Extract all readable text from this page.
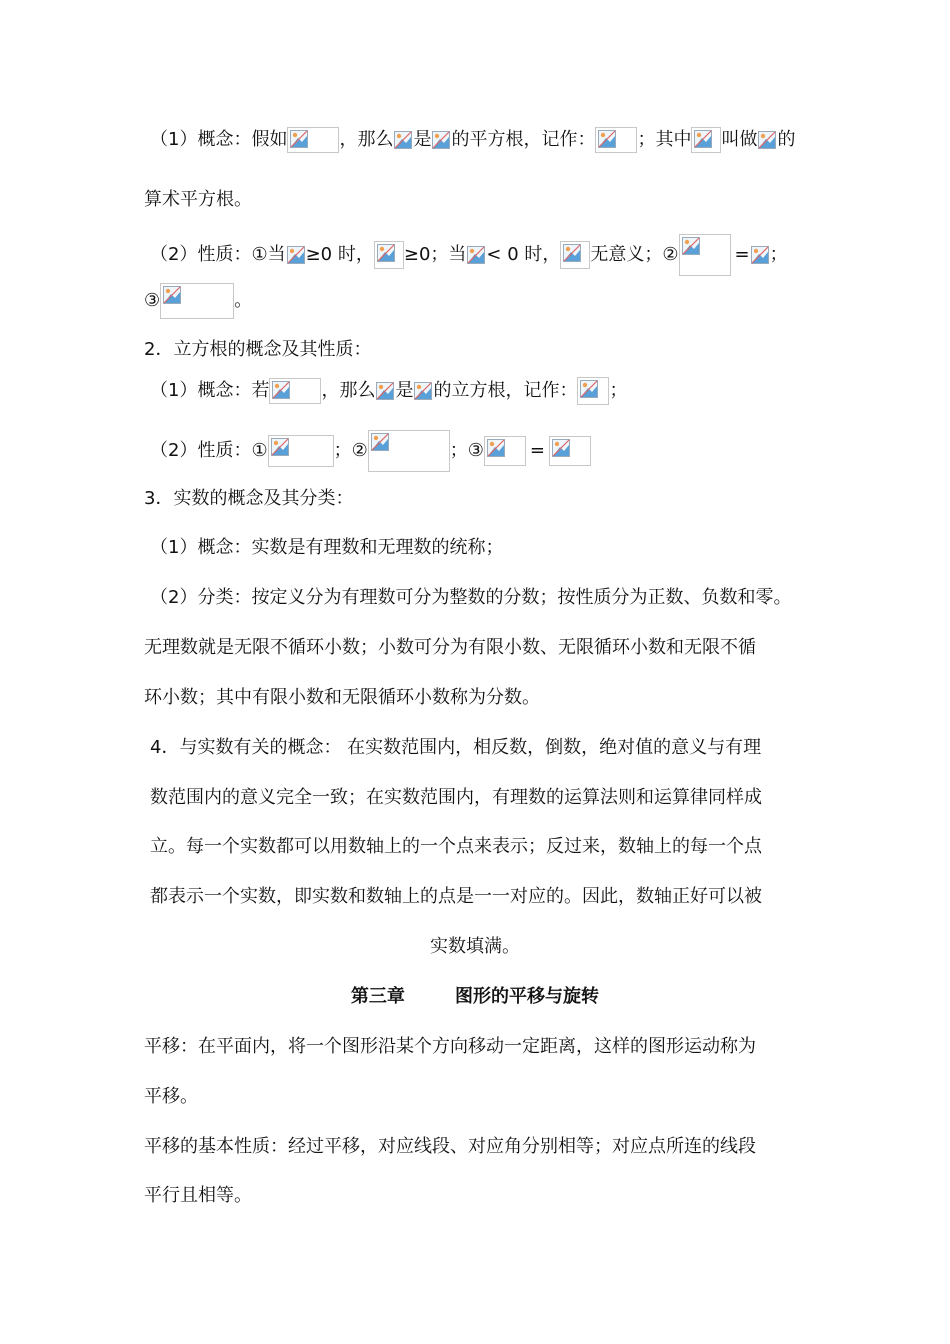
（1）概念：假如	，那么 是 的平方根，记作： ；其中 叫做 的
算术平方根。
（2）性质：①当 ≥0 时， ≥0；当 < 0 时， 无意义；②	= ；
③	。
2．立方根的概念及其性质：
（1）概念：若	，那么 是 的立方根，记作： ；
（2）性质：①	；②	；③	=
3．实数的概念及其分类：
（1）概念：实数是有理数和无理数的统称；
（2）分类：按定义分为有理数可分为整数的分数；按性质分为正数、负数和零。
无理数就是无限不循环小数；小数可分为有限小数、无限循环小数和无限不循
环小数；其中有限小数和无限循环小数称为分数。
4．与实数有关的概念： 在实数范围内，相反数，倒数，绝对值的意义与有理
数范围内的意义完全一致；在实数范围内，有理数的运算法则和运算律同样成
立。每一个实数都可以用数轴上的一个点来表示；反过来，数轴上的每一个点
都表示一个实数，即实数和数轴上的点是一一对应的。因此，数轴正好可以被
实数填满。
第三章        图形的平移与旋转
平移：在平面内，将一个图形沿某个方向移动一定距离，这样的图形运动称为
平移。
平移的基本性质：经过平移，对应线段、对应角分别相等；对应点所连的线段
平行且相等。
